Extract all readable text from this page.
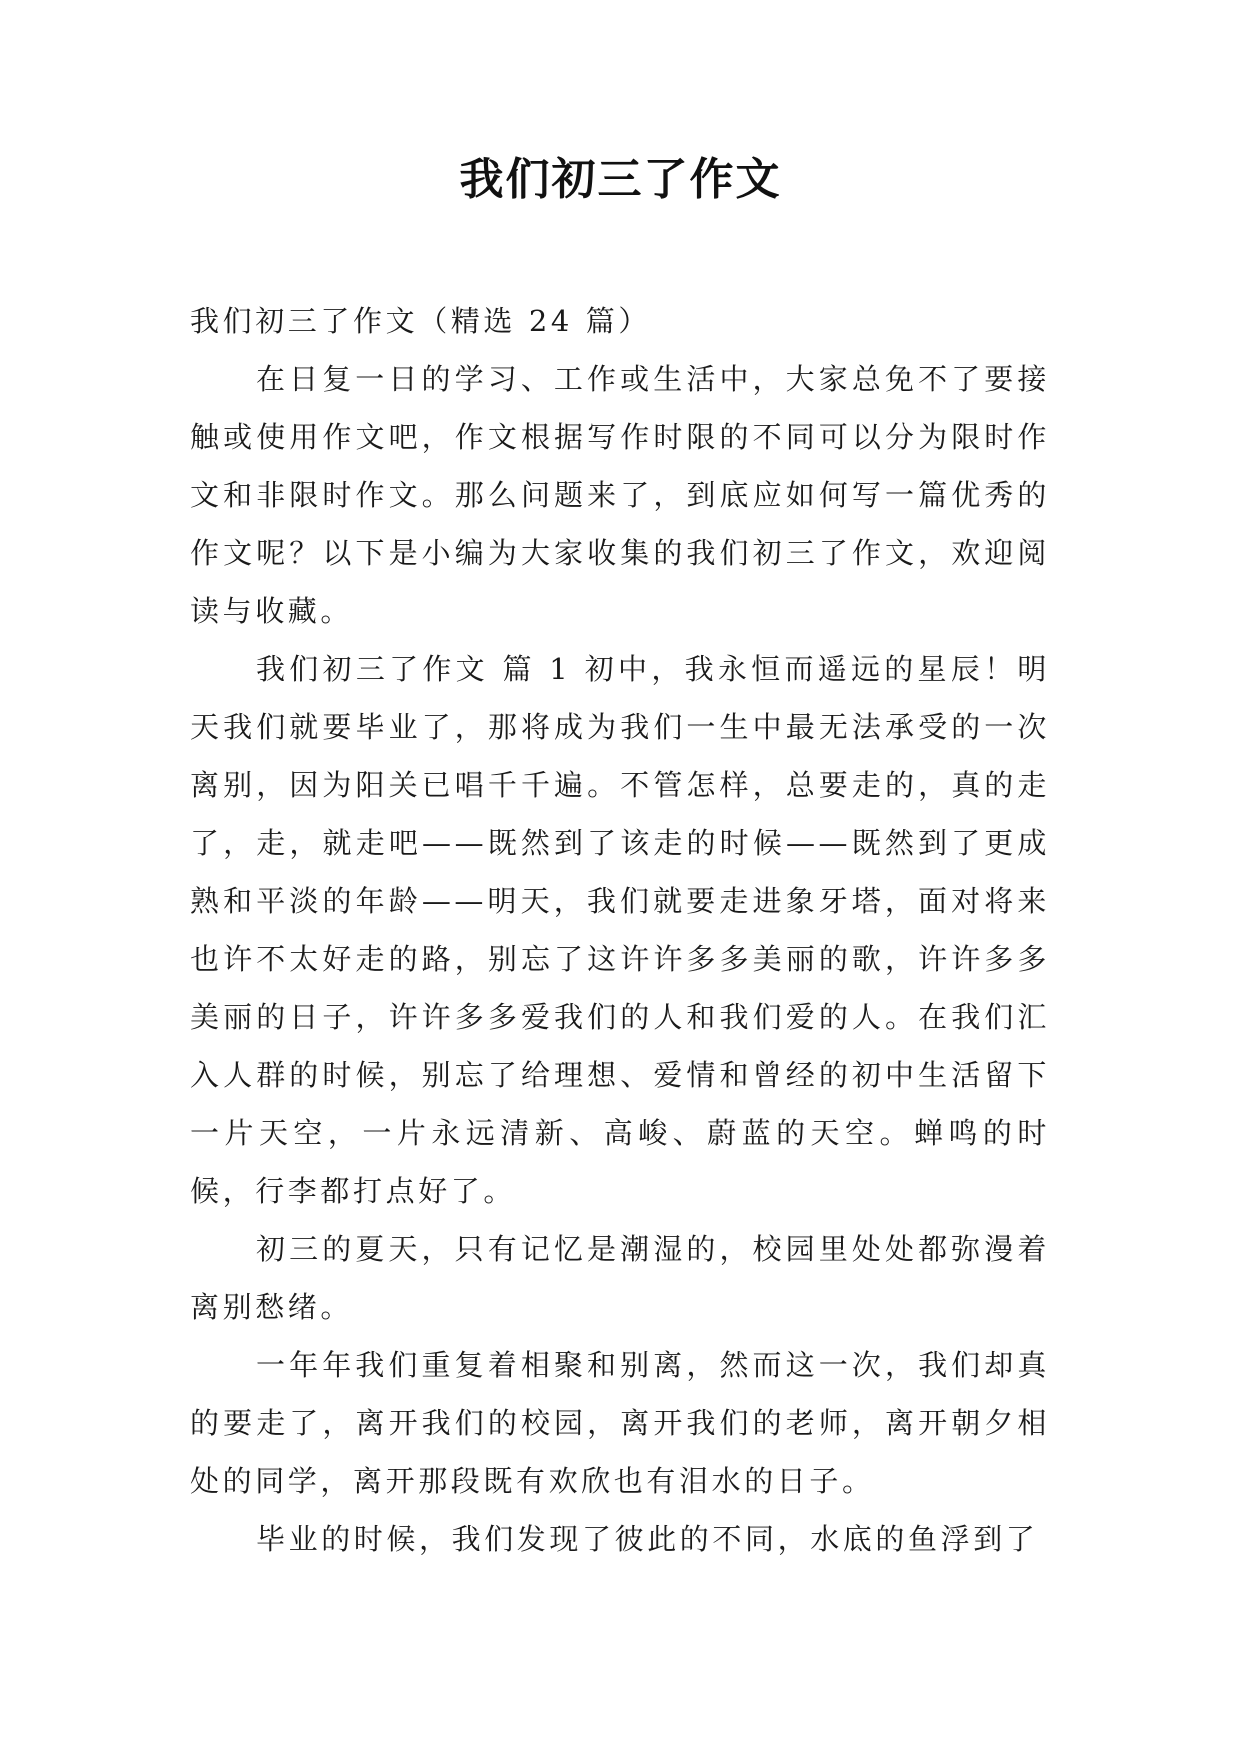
我们初三了作文

我们初三了作文（精选 24 篇）

在日复一日的学习、工作或生活中，大家总免不了要接触或使用作文吧，作文根据写作时限的不同可以分为限时作文和非限时作文。那么问题来了，到底应如何写一篇优秀的作文呢？以下是小编为大家收集的我们初三了作文，欢迎阅读与收藏。

我们初三了作文 篇 1 初中，我永恒而遥远的星辰！明天我们就要毕业了，那将成为我们一生中最无法承受的一次离别，因为阳关已唱千千遍。不管怎样，总要走的，真的走了，走，就走吧——既然到了该走的时候——既然到了更成熟和平淡的年龄——明天，我们就要走进象牙塔，面对将来也许不太好走的路，别忘了这许许多多美丽的歌，许许多多美丽的日子，许许多多爱我们的人和我们爱的人。在我们汇入人群的时候，别忘了给理想、爱情和曾经的初中生活留下一片天空，一片永远清新、高峻、蔚蓝的天空。蝉鸣的时候，行李都打点好了。

初三的夏天，只有记忆是潮湿的，校园里处处都弥漫着离别愁绪。

一年年我们重复着相聚和别离，然而这一次，我们却真的要走了，离开我们的校园，离开我们的老师，离开朝夕相处的同学，离开那段既有欢欣也有泪水的日子。

毕业的时候，我们发现了彼此的不同，水底的鱼浮到了
